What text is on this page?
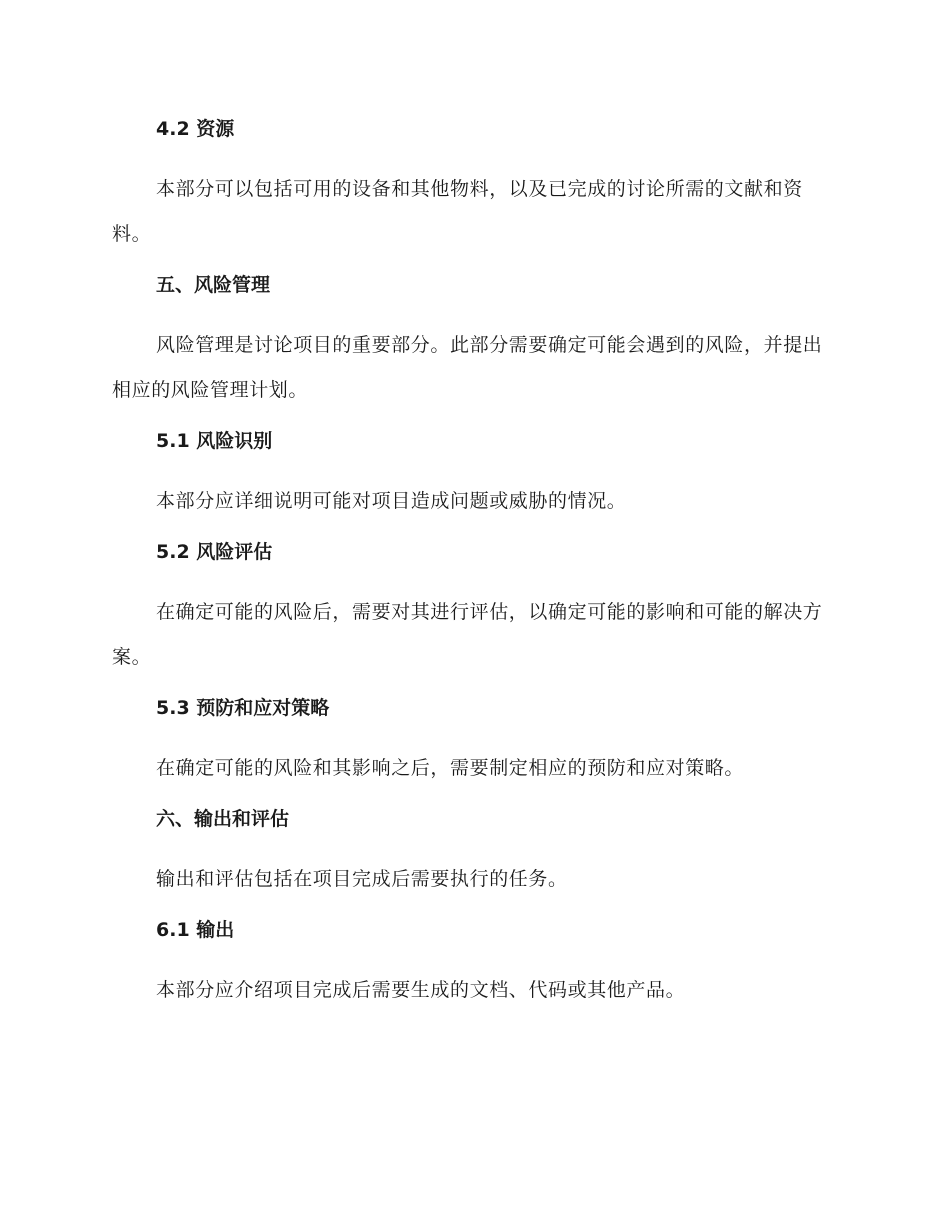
4.2 资源

本部分可以包括可用的设备和其他物料，以及已完成的讨论所需的文献和资料。

五、风险管理

风险管理是讨论项目的重要部分。此部分需要确定可能会遇到的风险，并提出相应的风险管理计划。

5.1 风险识别

本部分应详细说明可能对项目造成问题或威胁的情况。

5.2 风险评估

在确定可能的风险后，需要对其进行评估，以确定可能的影响和可能的解决方案。

5.3 预防和应对策略

在确定可能的风险和其影响之后，需要制定相应的预防和应对策略。

六、输出和评估

输出和评估包括在项目完成后需要执行的任务。

6.1 输出

本部分应介绍项目完成后需要生成的文档、代码或其他产品。
